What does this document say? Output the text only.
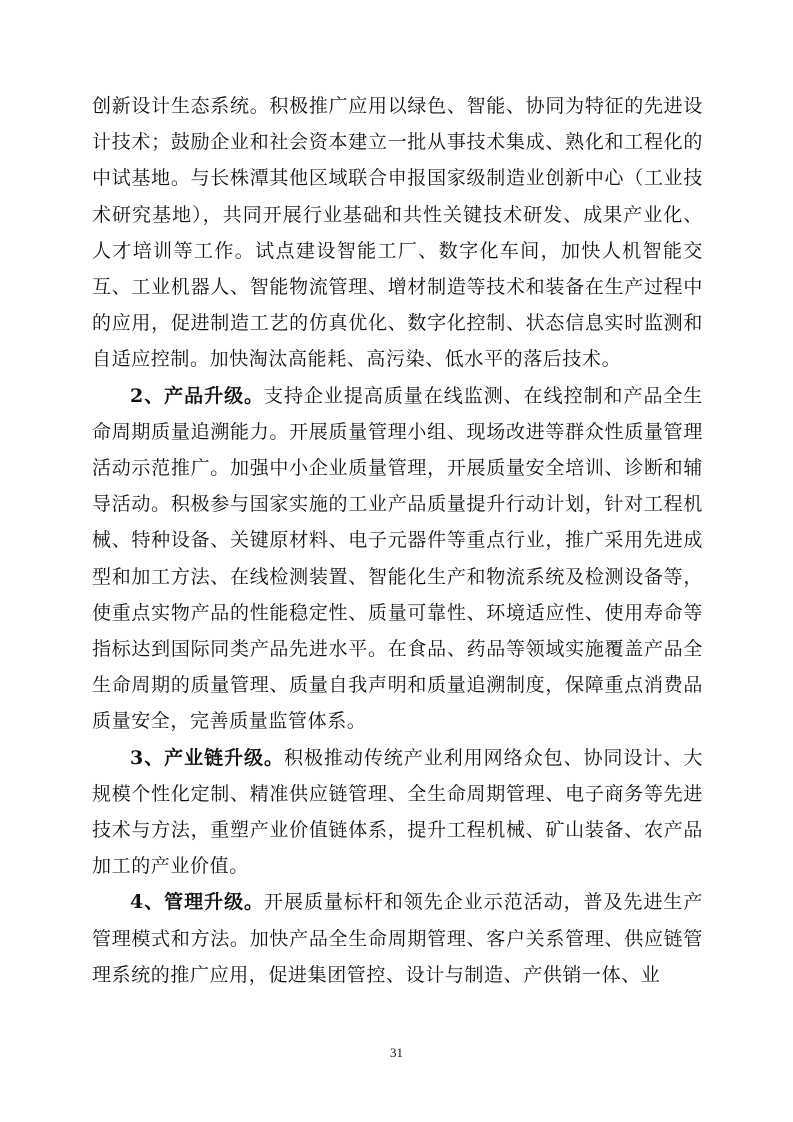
创新设计生态系统。积极推广应用以绿色、智能、协同为特征的先进设计技术；鼓励企业和社会资本建立一批从事技术集成、熟化和工程化的中试基地。与长株潭其他区域联合申报国家级制造业创新中心（工业技术研究基地），共同开展行业基础和共性关键技术研发、成果产业化、人才培训等工作。试点建设智能工厂、数字化车间，加快人机智能交互、工业机器人、智能物流管理、增材制造等技术和装备在生产过程中的应用，促进制造工艺的仿真优化、数字化控制、状态信息实时监测和自适应控制。加快淘汰高能耗、高污染、低水平的落后技术。

2、产品升级。支持企业提高质量在线监测、在线控制和产品全生命周期质量追溯能力。开展质量管理小组、现场改进等群众性质量管理活动示范推广。加强中小企业质量管理，开展质量安全培训、诊断和辅导活动。积极参与国家实施的工业产品质量提升行动计划，针对工程机械、特种设备、关键原材料、电子元器件等重点行业，推广采用先进成型和加工方法、在线检测装置、智能化生产和物流系统及检测设备等，使重点实物产品的性能稳定性、质量可靠性、环境适应性、使用寿命等指标达到国际同类产品先进水平。在食品、药品等领域实施覆盖产品全生命周期的质量管理、质量自我声明和质量追溯制度，保障重点消费品质量安全，完善质量监管体系。

3、产业链升级。积极推动传统产业利用网络众包、协同设计、大规模个性化定制、精准供应链管理、全生命周期管理、电子商务等先进技术与方法，重塑产业价值链体系，提升工程机械、矿山装备、农产品加工的产业价值。

4、管理升级。开展质量标杆和领先企业示范活动，普及先进生产管理模式和方法。加快产品全生命周期管理、客户关系管理、供应链管理系统的推广应用，促进集团管控、设计与制造、产供销一体、业

31
